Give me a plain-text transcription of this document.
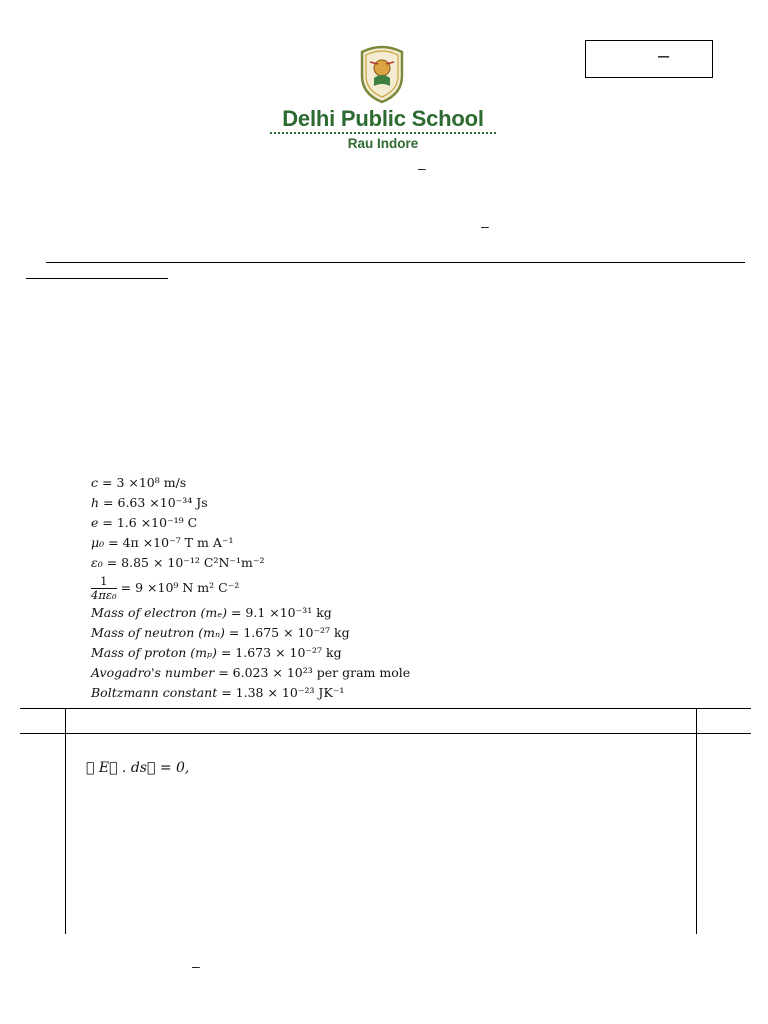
Delhi Public School
Rau Indore
–
–
–
c = 3 ×10⁸ m/s
h = 6.63 ×10⁻³⁴ Js
e = 1.6 ×10⁻¹⁹ C
μ₀ = 4π ×10⁻⁷ T m A⁻¹
ε₀ = 8.85 × 10⁻¹² C²N⁻¹m⁻²
$\frac{1}{\text{4πε₀}} = 9 \times 10^9$ N m² C⁻²
Mass of electron (mₑ) = 9.1 ×10⁻³¹ kg
Mass of neutron (mₙ) = 1.675 × 10⁻²⁷ kg
Mass of proton (mₚ) = 1.673 × 10⁻²⁷ kg
Avogadro's number = 6.023 × 10²³ per gram mole
Boltzmann constant = 1.38 × 10⁻²³ JK⁻¹
∮ E⃗ . ds⃗ = 0,
–
